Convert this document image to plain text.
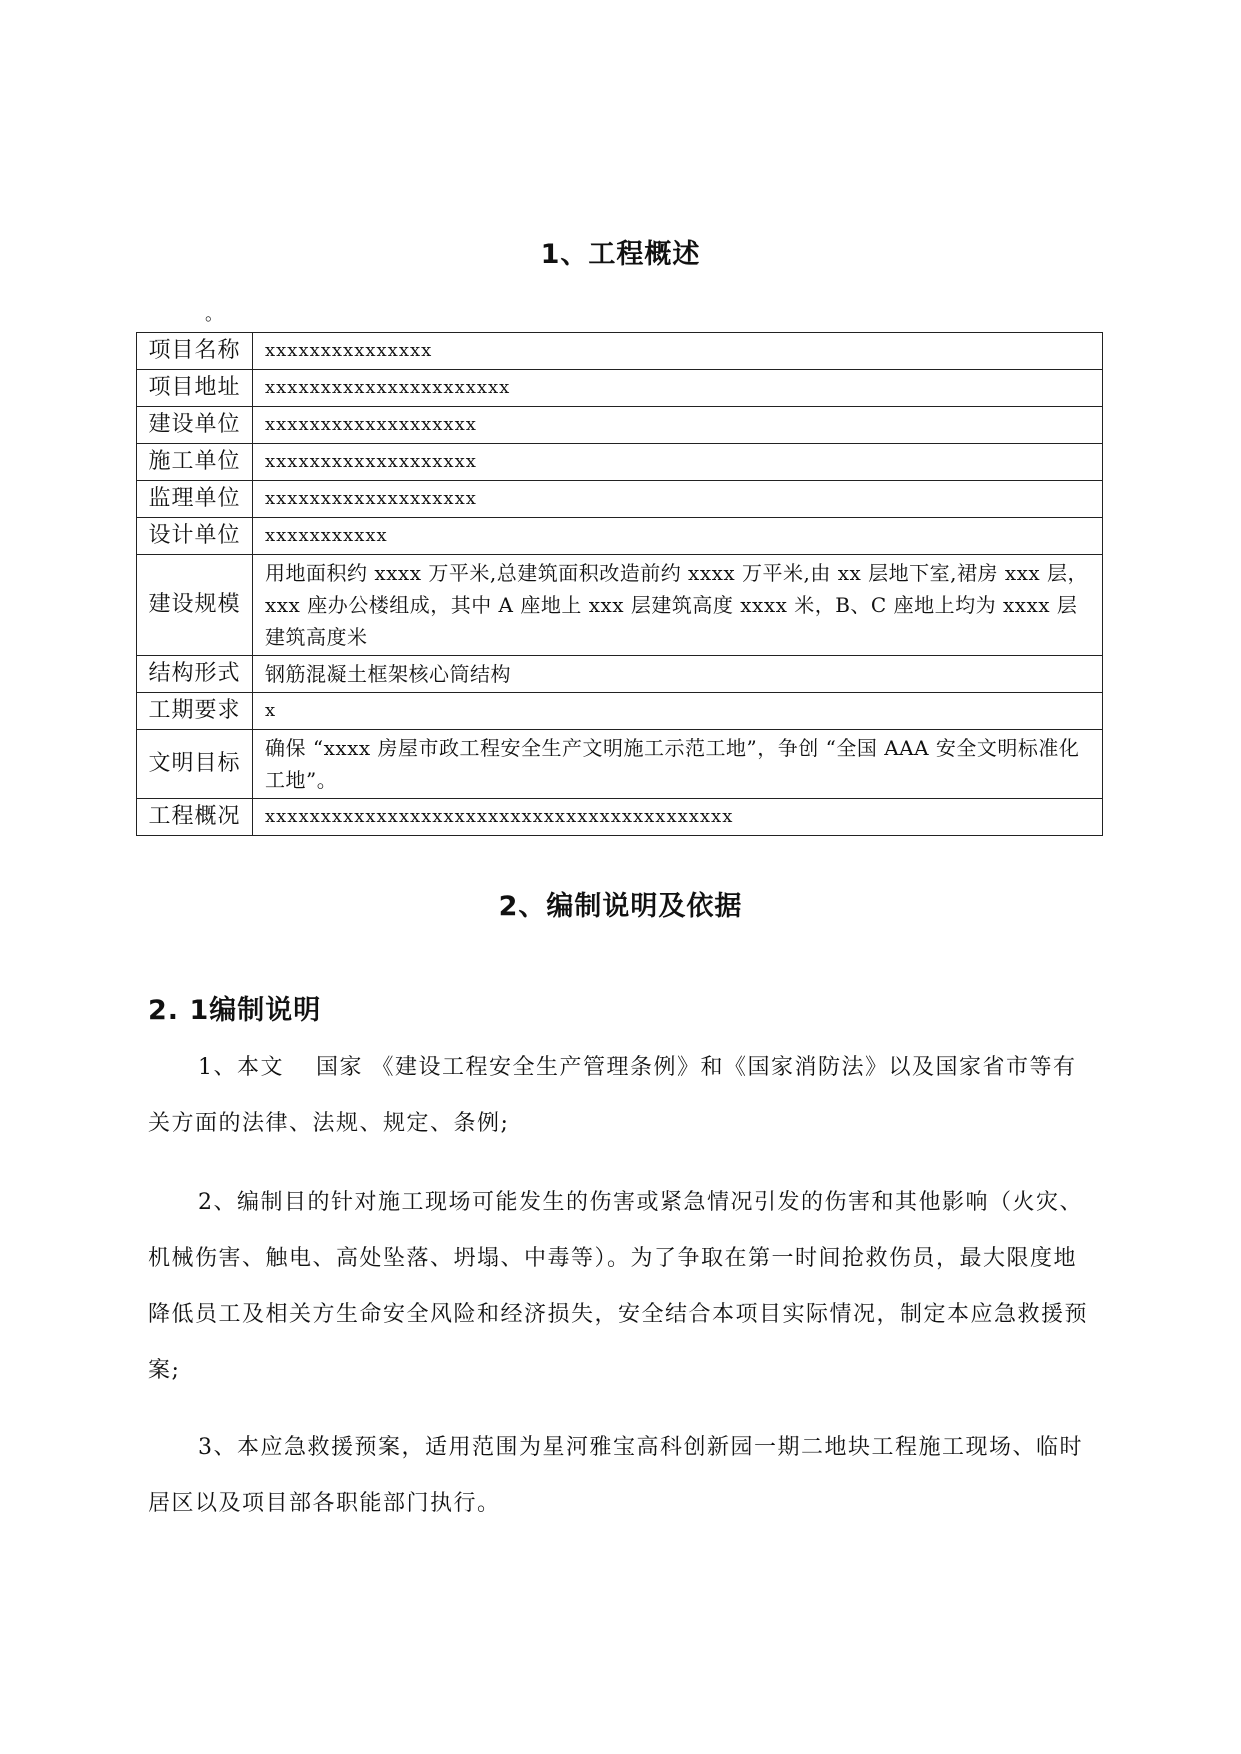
1、工程概述
。
项目名称	xxxxxxxxxxxxxxx
项目地址	xxxxxxxxxxxxxxxxxxxxxx
建设单位	xxxxxxxxxxxxxxxxxxx
施工单位	xxxxxxxxxxxxxxxxxxx
监理单位	xxxxxxxxxxxxxxxxxxx
设计单位	xxxxxxxxxxx
建设规模	用地面积约 xxxx 万平米,总建筑面积改造前约 xxxx 万平米,由 xx 层地下室,裙房 xxx 层，xxx 座办公楼组成，其中 A 座地上 xxx 层建筑高度 xxxx 米，B、C 座地上均为 xxxx 层建筑高度米
结构形式	钢筋混凝土框架核心筒结构
工期要求	x
文明目标	确保 “xxxx 房屋市政工程安全生产文明施工示范工地”，争创 “全国 AAA 安全文明标准化工地”。
工程概况	xxxxxxxxxxxxxxxxxxxxxxxxxxxxxxxxxxxxxxxxxx
2、编制说明及依据
2. 1编制说明

1、本文　 国家 《建设工程安全生产管理条例》和《国家消防法》以及国家省市等有关方面的法律、法规、规定、条例;

2、编制目的针对施工现场可能发生的伤害或紧急情况引发的伤害和其他影响（火灾、机械伤害、触电、高处坠落、坍塌、中毒等）。为了争取在第一时间抢救伤员，最大限度地降低员工及相关方生命安全风险和经济损失，安全结合本项目实际情况，制定本应急救援预案;

3、本应急救援预案，适用范围为星河雅宝高科创新园一期二地块工程施工现场、临时居区以及项目部各职能部门执行。
